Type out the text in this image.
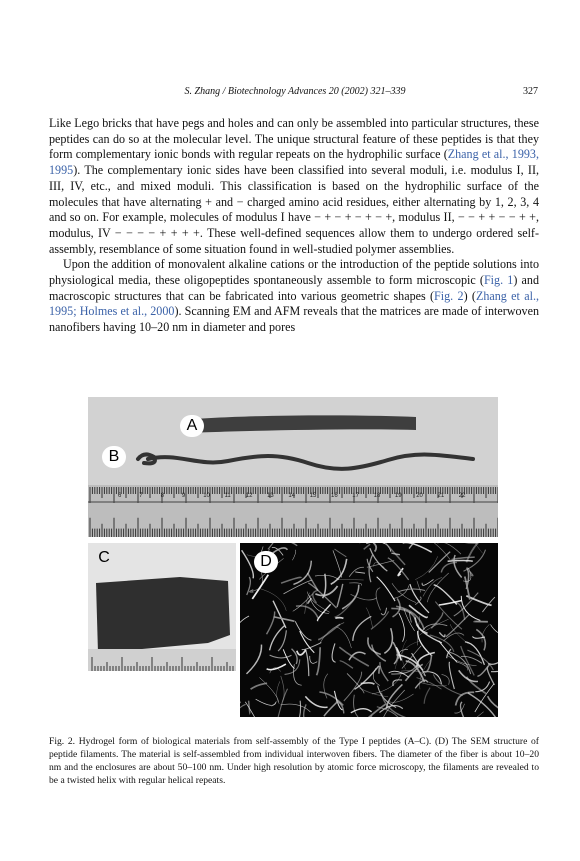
S. Zhang / Biotechnology Advances 20 (2002) 321–339	327

Like Lego bricks that have pegs and holes and can only be assembled into particular structures, these peptides can do so at the molecular level. The unique structural feature of these peptides is that they form complementary ionic bonds with regular repeats on the hydrophilic surface (Zhang et al., 1993, 1995). The complementary ionic sides have been classified into several moduli, i.e. modulus I, II, III, IV, etc., and mixed moduli. This classification is based on the hydrophilic surface of the molecules that have alternating + and − charged amino acid residues, either alternating by 1, 2, 3, 4 and so on. For example, molecules of modulus I have − + − + − + − +, modulus II, − − + + − − + +, modulus, IV − − − − + + + +. These well-defined sequences allow them to undergo ordered self-assembly, resemblance of some situation found in well-studied polymer assemblies.

Upon the addition of monovalent alkaline cations or the introduction of the peptide solutions into physiological media, these oligopeptides spontaneously assemble to form microscopic (Fig. 1) and macroscopic structures that can be fabricated into various geometric shapes (Fig. 2) (Zhang et al., 1995; Holmes et al., 2000). Scanning EM and AFM reveals that the matrices are made of interwoven nanofibers having 10–20 nm in diameter and pores

6	7	8	9	10 11	12 13 14 15 16 17 18 19 20 21 22
A
B
C	D
Fig. 2. Hydrogel form of biological materials from self-assembly of the Type I peptides (A–C). (D) The SEM structure of peptide filaments. The material is self-assembled from individual interwoven fibers. The diameter of the fiber is about 10–20 nm and the enclosures are about 50–100 nm. Under high resolution by atomic force microscopy, the filaments are revealed to be a twisted helix with regular helical repeats.
